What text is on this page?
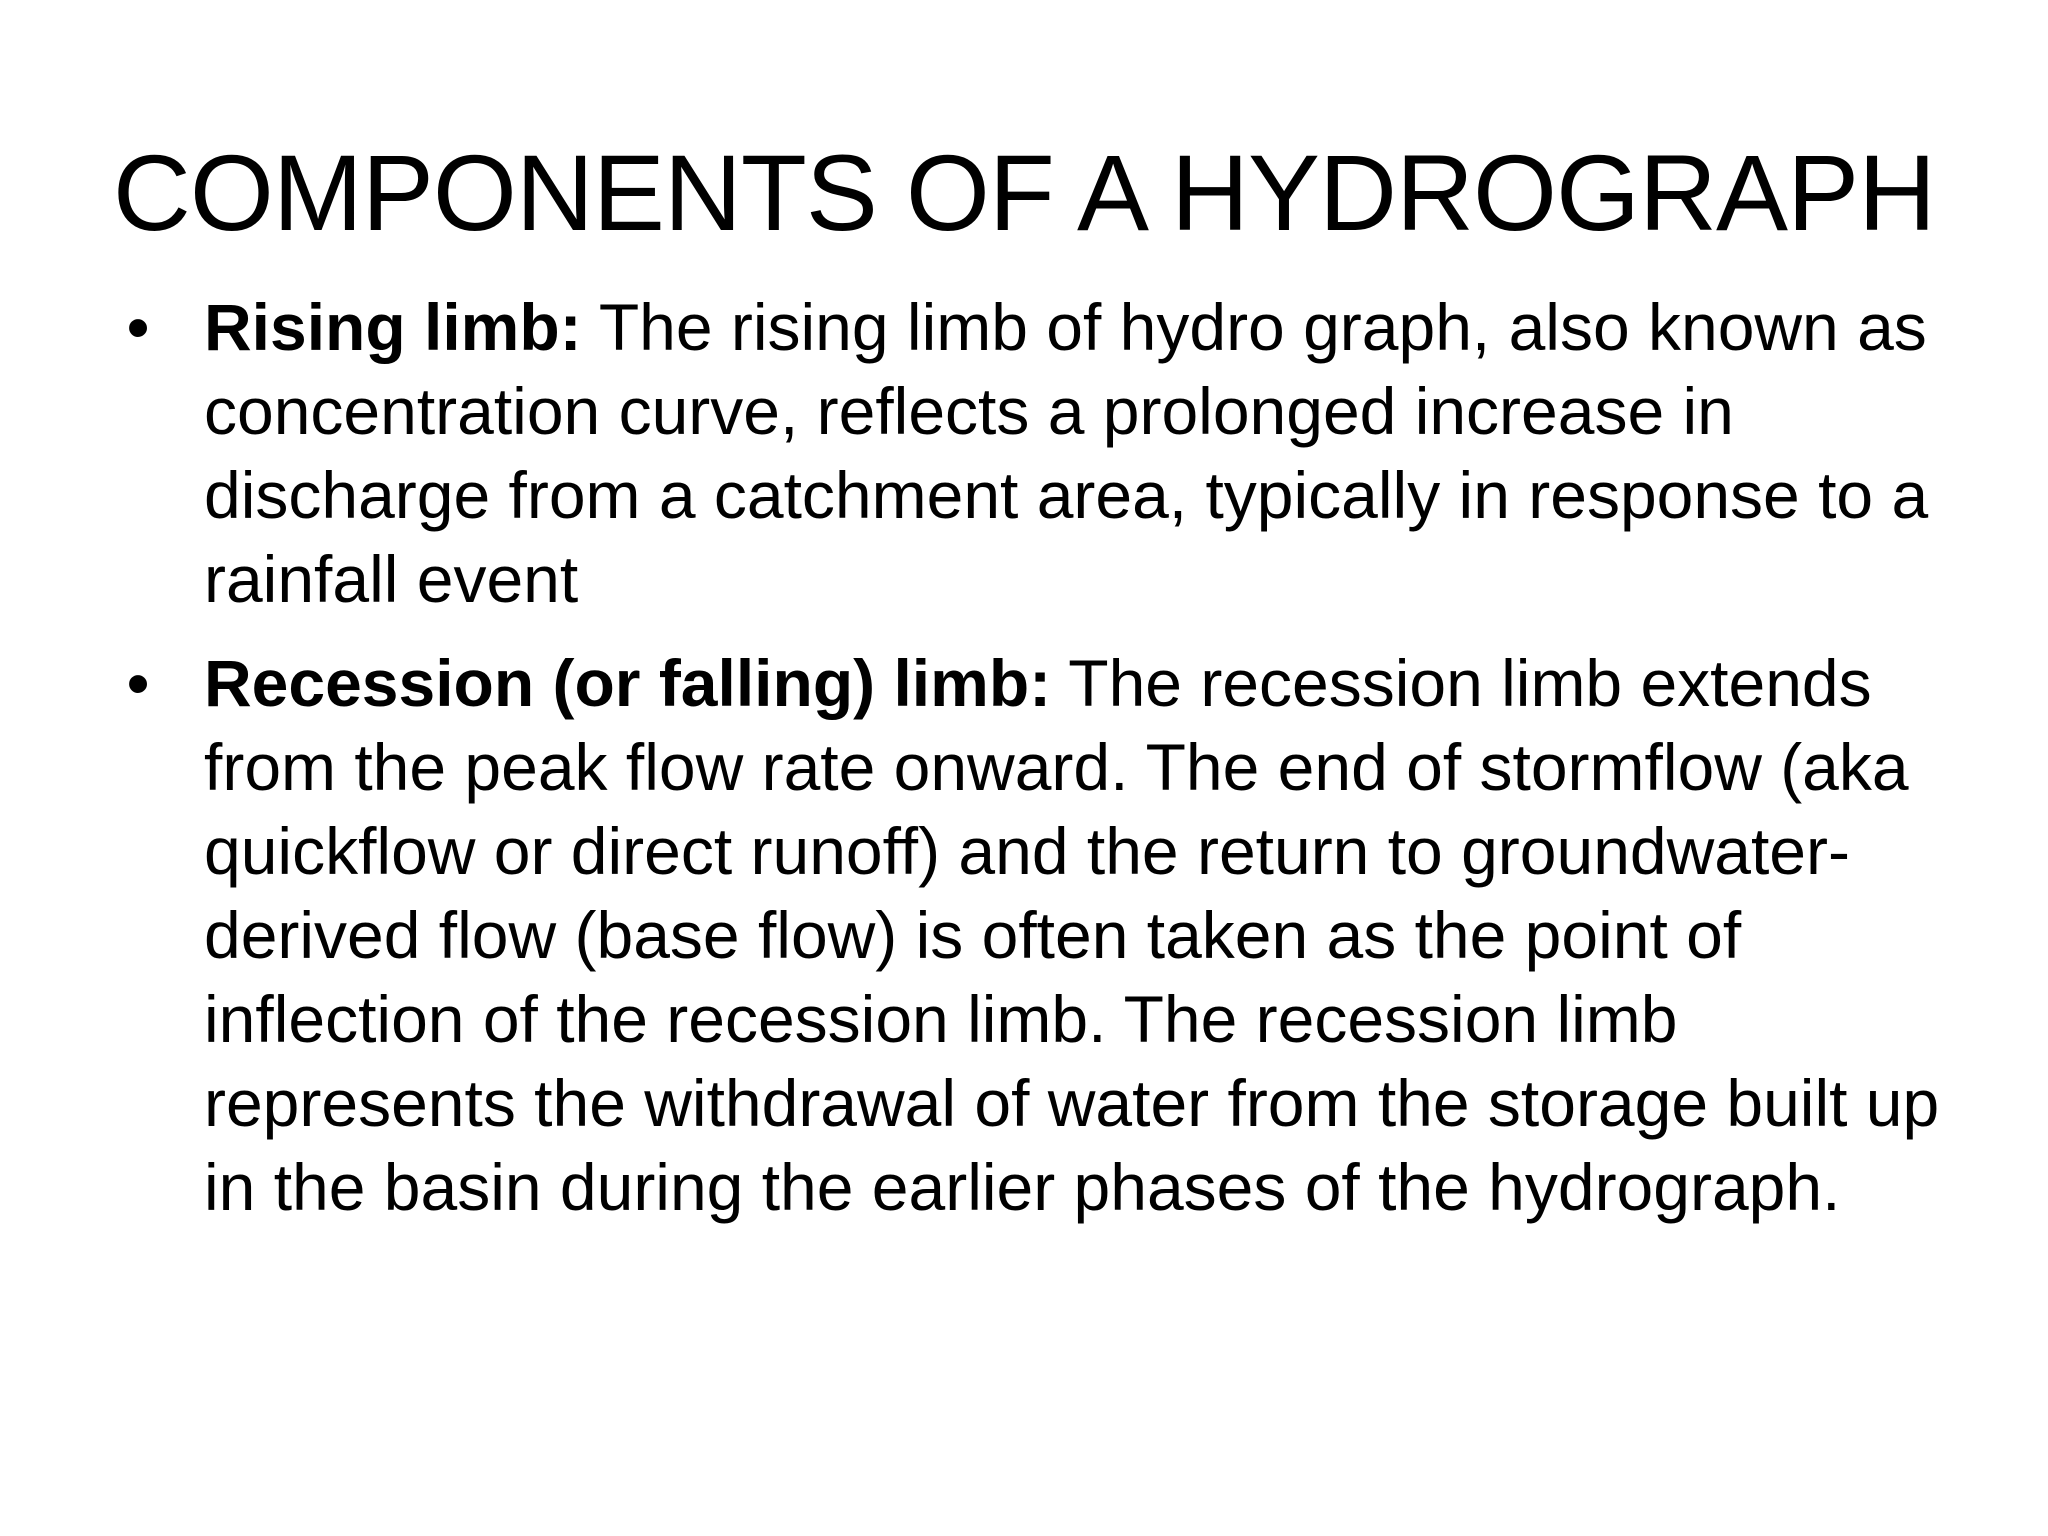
COMPONENTS OF A HYDROGRAPH
• Rising limb: The rising limb of hydro graph, also known as concentration curve, reflects a prolonged increase in discharge from a catchment area, typically in response to a rainfall event
• Recession (or falling) limb: The recession limb extends from the peak flow rate onward. The end of stormflow (aka quickflow or direct runoff) and the return to groundwater-derived flow (base flow) is often taken as the point of inflection of the recession limb. The recession limb represents the withdrawal of water from the storage built up in the basin during the earlier phases of the hydrograph.
